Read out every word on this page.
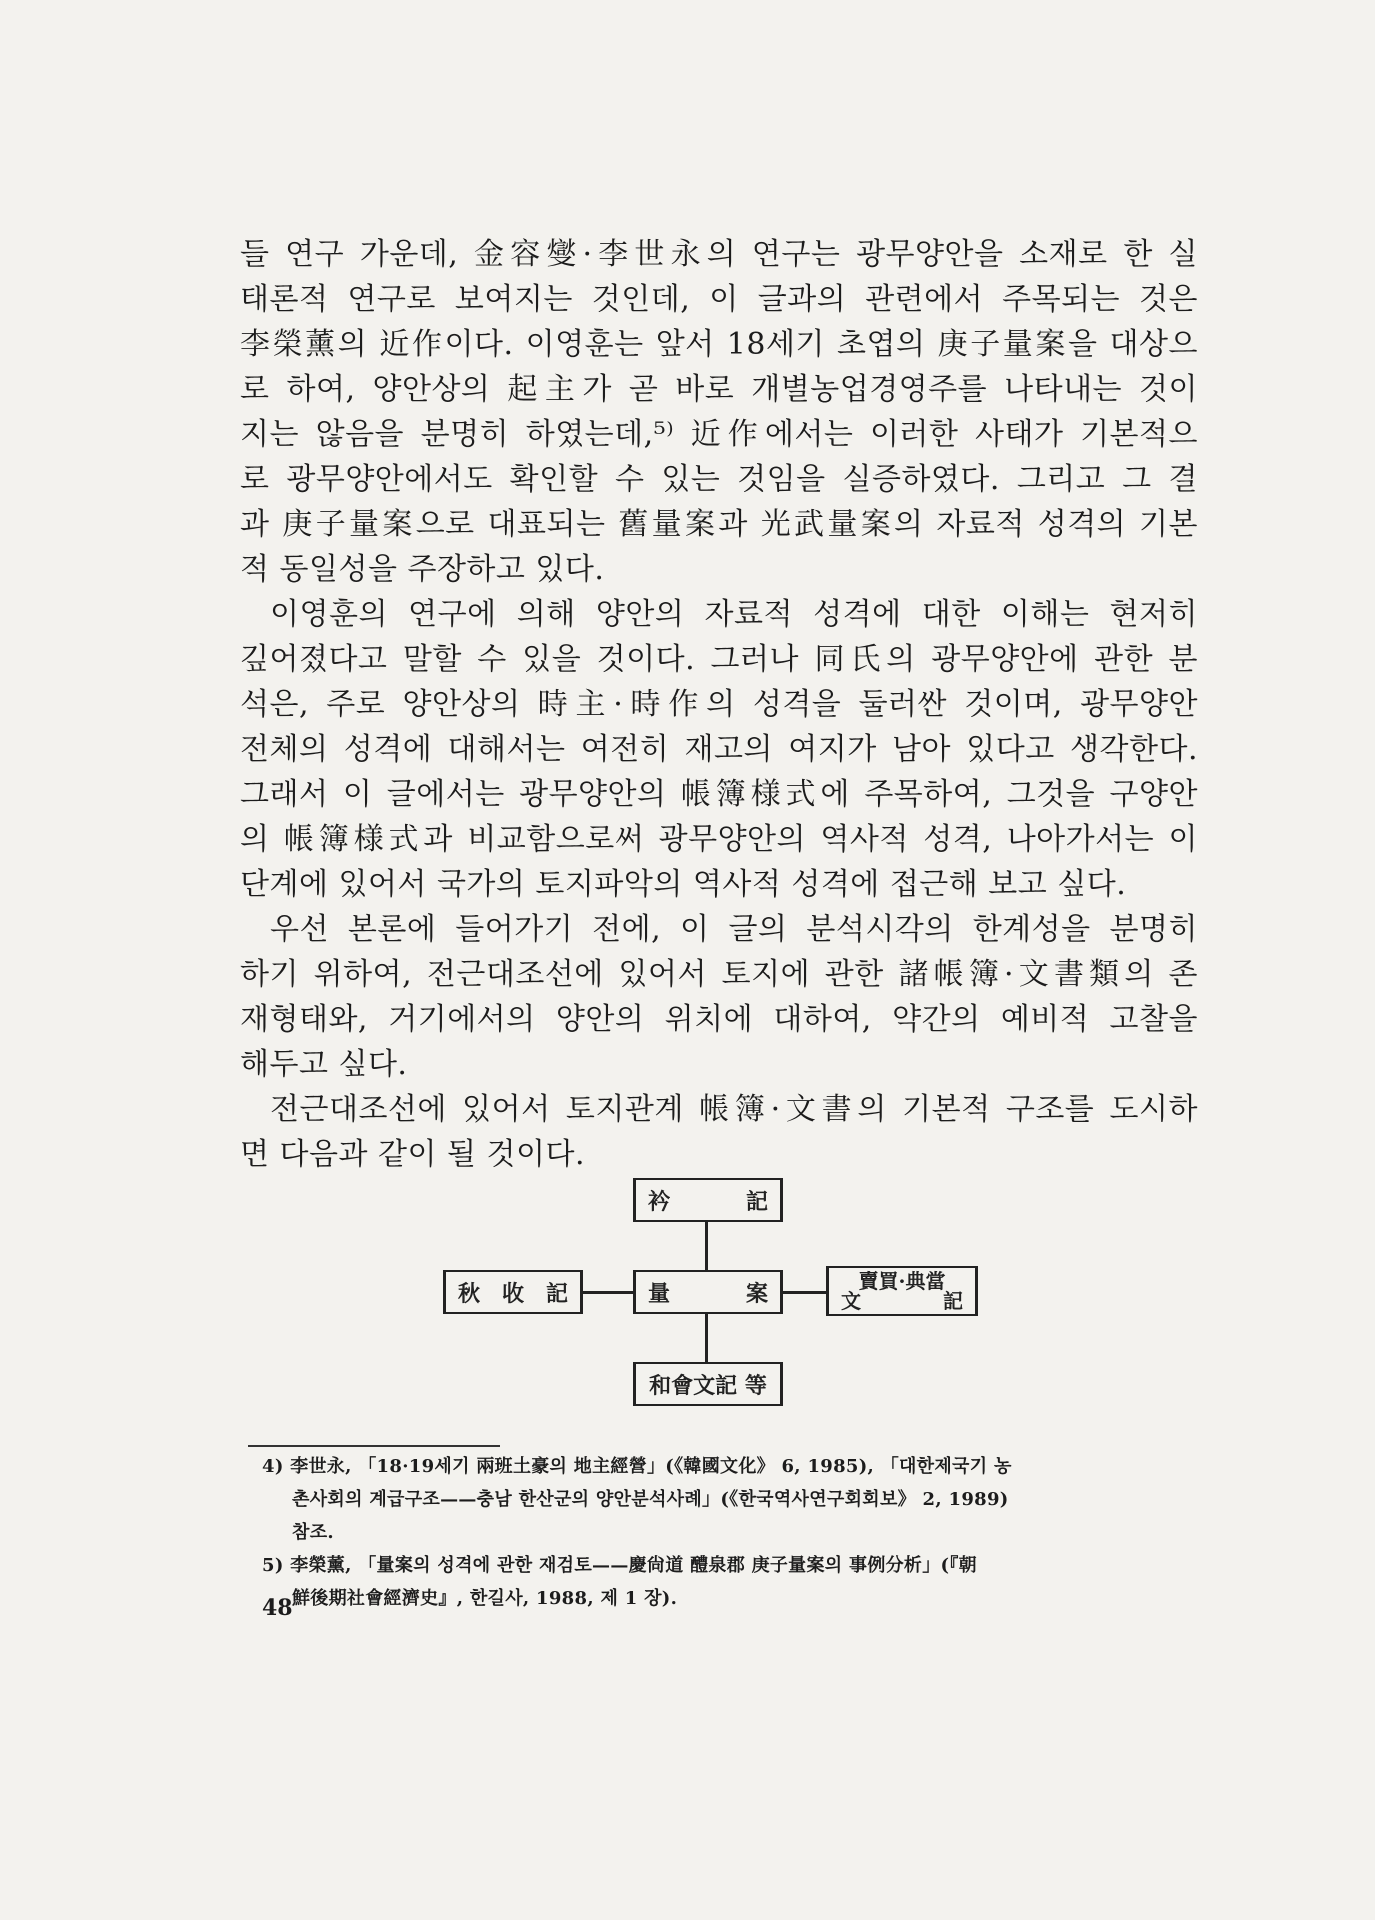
들 연구 가운데, 金容燮·李世永의 연구는 광무양안을 소재로 한 실
태론적 연구로 보여지는 것인데, 이 글과의 관련에서 주목되는 것은
李榮薰의 近作이다. 이영훈는 앞서 18세기 초엽의 庚子量案을 대상으
로 하여, 양안상의 起主가 곧 바로 개별농업경영주를 나타내는 것이
지는 않음을 분명히 하였는데,⁵⁾ 近作에서는 이러한 사태가 기본적으
로 광무양안에서도 확인할 수 있는 것임을 실증하였다. 그리고 그 결
과 庚子量案으로 대표되는 舊量案과 光武量案의 자료적 성격의 기본
적 동일성을 주장하고 있다.
이영훈의 연구에 의해 양안의 자료적 성격에 대한 이해는 현저히
깊어졌다고 말할 수 있을 것이다. 그러나 同氏의 광무양안에 관한 분
석은, 주로 양안상의 時主·時作의 성격을 둘러싼 것이며, 광무양안
전체의 성격에 대해서는 여전히 재고의 여지가 남아 있다고 생각한다.
그래서 이 글에서는 광무양안의 帳簿様式에 주목하여, 그것을 구양안
의 帳簿様式과 비교함으로써 광무양안의 역사적 성격, 나아가서는 이
단계에 있어서 국가의 토지파악의 역사적 성격에 접근해 보고 싶다.
우선 본론에 들어가기 전에, 이 글의 분석시각의 한계성을 분명히
하기 위하여, 전근대조선에 있어서 토지에 관한 諸帳簿·文書類의 존
재형태와, 거기에서의 양안의 위치에 대하여, 약간의 예비적 고찰을
해두고 싶다.
전근대조선에 있어서 토지관계 帳簿·文書의 기본적 구조를 도시하
면 다음과 같이 될 것이다.
衿	記
秋 收 記	量	案	賣買·典當
文	記
和會文記 等
4) 李世永, 「18·19세기 兩班土豪의 地主經營」(《韓國文化》 6, 1985), 「대한제국기 농
촌사회의 계급구조——충남 한산군의 양안분석사례」(《한국역사연구회회보》 2, 1989)
참조.
5) 李榮薰, 「量案의 성격에 관한 재검토——慶尙道 醴泉郡 庚子量案의 事例分析」(『朝
鮮後期社會經濟史』, 한길사, 1988, 제 1 장).
48
